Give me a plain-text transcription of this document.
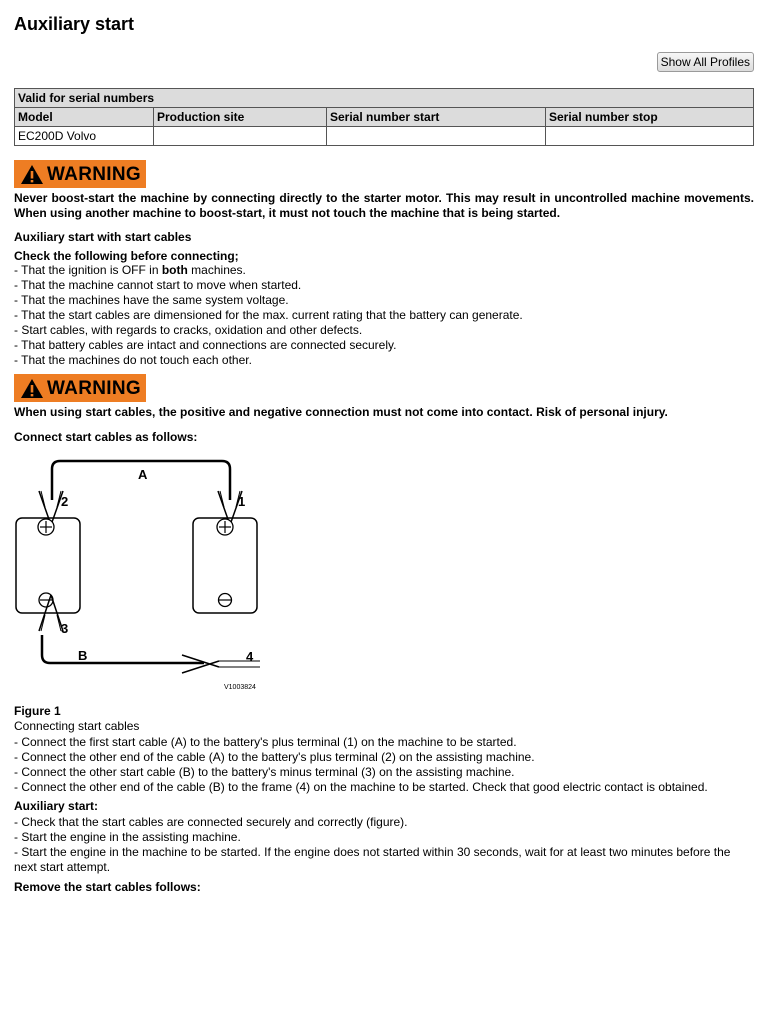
Auxiliary start
Show All Profiles
Valid for serial numbers			
Model	Production site	Serial number start	Serial number stop
EC200D Volvo			
WARNING
Never boost-start the machine by connecting directly to the starter motor. This may result in uncontrolled machine movements. When using another machine to boost-start, it must not touch the machine that is being started.
Auxiliary start with start cables
Check the following before connecting;
- That the ignition is OFF in both machines.
- That the machine cannot start to move when started.
- That the machines have the same system voltage.
- That the start cables are dimensioned for the max. current rating that the battery can generate.
- Start cables, with regards to cracks, oxidation and other defects.
- That battery cables are intact and connections are connected securely.
- That the machines do not touch each other.
WARNING
When using start cables, the positive and negative connection must not come into contact. Risk of personal injury.
Connect start cables as follows:
A
B
1
2
3
4
V1003824
Figure 1
Connecting start cables
- Connect the first start cable (A) to the battery's plus terminal (1) on the machine to be started.
- Connect the other end of the cable (A) to the battery's plus terminal (2) on the assisting machine.
- Connect the other start cable (B) to the battery's minus terminal (3) on the assisting machine.
- Connect the other end of the cable (B) to the frame (4) on the machine to be started. Check that good electric contact is obtained.
Auxiliary start:
- Check that the start cables are connected securely and correctly (figure).
- Start the engine in the assisting machine.
- Start the engine in the machine to be started. If the engine does not started within 30 seconds, wait for at least two minutes before the next start attempt.
Remove the start cables follows:
